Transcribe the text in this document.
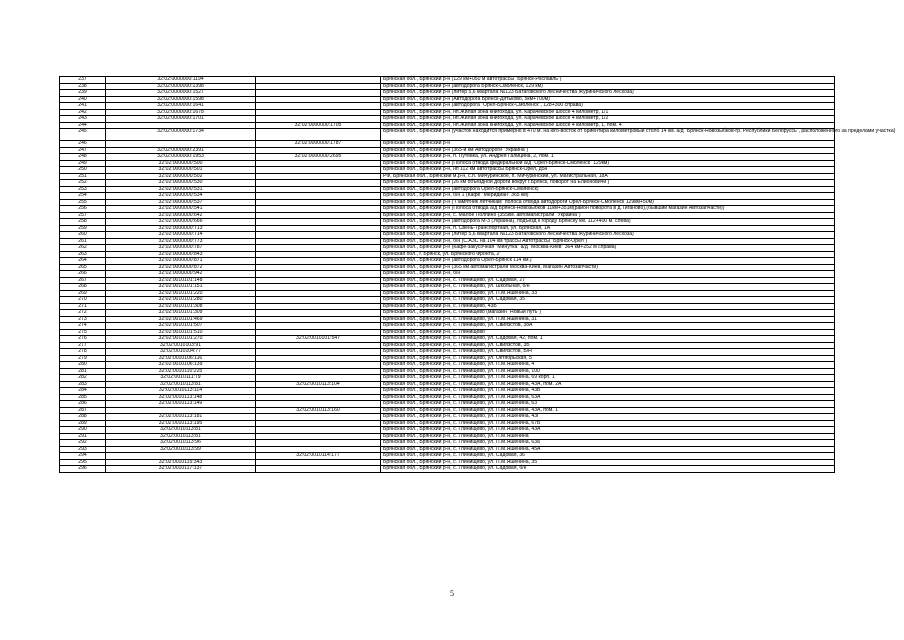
237	32:02:0000000:1194		Брянская обл., Брянский р-н (129 км+050 м автотрассы "Брянск-Рославль")
238	32:02:0000000:1398		Брянская обл., Брянский р-н (автодорога Брянск-Смоленск, 129 км)
239	32:02:0000000:1527		Брянская обл., Брянский р-н (литер 5,6 квартала №123 Батаговского лесничества Журиничского лесхоза)
240	32:02:0000000:1598		Брянская обл., Брянский р-н (Автодорога Брянск-Дятьково, 5км+700м)
241	32:02:0000000:1641		Брянская обл., Брянский р-н (автодорога "Орел-Брянск-Смоленск", 128+300 справа)
242	32:02:0000000:1678		Брянская обл., Брянский р-н, нп.Жилая зона книгохода, ул. Карачевское шоссе 4 километр, 1/1
243	32:02:0000000:1701		Брянская обл., Брянский р-н, нп.Жилая зона книгохода, ул. Карачевское шоссе 4 километр, 1/2
244		32:02:0000000:1705	Брянская обл., Брянский р-н, нп.Жилая зона книгохода, ул. Карачевское шоссе 4 километр, 1, пом. 4
245	32:02:0000000:1734		Брянская обл., Брянский р-н (участок находится примерно в 470 м. на юго-восток от ориентира километровый столб 14 км. а/д "Брянск-Новозыбков-гр. Республики Белоруссь", расположенного за пределами участка)
246		32:02:0000000:1787	Брянская обл., Брянский р-н
247	32:02:0000000:2391		Брянская обл., Брянский р-н (365-й км Автодороги "Украина")
248	32:02:0000000:1953	32:02:0000000:2695	Брянская обл., Брянский р-н, п. Путевка, ул. Андрея Галицина, 2, пом. 1
249	32:02:0000000:500		Брянская обл., Брянский р-н (Полоса отвода федеральной а/д "Орел-Брянск-Смоленск" 129км)
250	32:02:0000000:501		Брянская обл., Брянский р-н, нп 112 км автотрассы Брянск-Орел, д5н
251	32:02:0000000:502		РФ, Брянская обл., Брянский м.р-н, с.п. Мичуринское, п. Мичуринский, ул. Магистральная, 18А
252	32:02:0000000:530		Брянская обл., Брянский р-н (26 км объездной дороги вокруг г.Брянск, поворот на Елионовичи )
253	32:02:0000000:531		Брянская обл., Брянский р-н (автодорога Орел-Брянск-Смоленск)
254	32:02:0000000:534		Брянская обл., Брянский р-н, б/н 1 (Кафе "Меридиан" 365 км)
255	32:02:0000000:537		Брянская обл., Брянский р-н ("Памятник летчикам" полоса отвода автодороги Орел-Брянск-Смоленск 129км+50м)
256	32:02:0000000:541		Брянская обл., Брянский р-н (Полоса отвода а/д Брянск-Новозыбков 11км+351м(район поворота в д.Тиганово),(бывший магазин Автозапчасти))
257	32:02:0000000:642		Брянская обл., Брянский р-н, с. Малое Полпино (355км. автомагистрали "Украина")
258	32:02:0000000:666		Брянская обл., Брянский р-н (автодорога М-3 (Украина), подъезд к городу Брянску км. 112+400 м. слева)
259	32:02:0000000:713		Брянская обл., Брянский р-н, п. Свень-Транспортная, ул. Брянская, 1А
260	32:02:0000000:714		Брянская обл., Брянский р-н (литер 5,6 квартала №123 Батаговского лесничества Журиничского лесхоза)
261	32:02:0000000:773		Брянская обл., Брянский р-н, б/н (С.АЗС на 104 км трассы Автотрассы "Брянск-Орел")
262	32:02:0000000:787		Брянская обл., Брянский р-н (Кафе-закусочная "Минутка" а/д "Москва-Киев" 364 км+252 м справа)
263	32:02:0000000:843		Брянская обл., г. Брянск, ул. Брянского Фронта, 2"
264	32:02:0000000:871		Брянская обл., Брянский р-н (автодорога Орел-Брянск 114 км.)
265	32:02:0000000:872		Брянская обл., Брянский р-н (365 км автомагистрали Москва-Киев, Магазин Автозапчасти)
266	32:02:0000000:942		Брянская обл., Брянский р-н, б/н
267	32:02:0010101:148		Брянская обл., Брянский р-н, с. Глинищево, ул. Садовая, 27
268	32:02:0010101:151		Брянская обл., Брянский р-н, с. Глинищево, ул. Школьная, б/н
269	32:02:0010101:220		Брянская обл., Брянский р-н, с. Глинищево, ул. П.М.Яшенина, 33
270	32:02:0010101:280		Брянская обл., Брянский р-н, с. Глинищево, ул. Садовая, 35
271	32:02:0010101:308		Брянская обл., Брянский р-н, с. Глинищево, 43Б
272	32:02:0010101:309		Брянская обл., Брянский р-н, с. Глинищево (магазин "Новый путь")
273	32:02:0010101:469		Брянская обл., Брянский р-н, с. Глинищево, ул. П.М.Яшенина, 31
274	32:02:0010101:507		Брянская обл., Брянский р-н, с. Глинищево, ул. Свиязстов, 38А
275	32:02:0010101:510		Брянская обл., Брянский р-н, с. Глинищево
276	32:02:0010101:270	32:02:0010101:547	Брянская обл., Брянский р-н, с. Глинищево, ул. Садовая, 42, пом. 1
277	32:02:0010103:91		Брянская обл., Брянский р-н, с. Глинищево, ул. Свиязстов, 3Б
278	32:02:0010104:77		Брянская обл., Брянский р-н, с. Глинищево, ул. Свиязстов, Б/Н
279	32:02:0010106:116		Брянская обл., Брянский р-н, с. Глинищево, ул. Октябрьская, 5
280	32:02:0010106:139		Брянская обл., Брянский р-н, с. Глинищево, ул. П.М.Яшенина, 4
281	32:02:0010110:225		Брянская обл., Брянский р-н, с. Глинищево, ул. П.М.Яшенина, 100
282	32:02:0010111:79		Брянская обл., Брянский р-н, с. Глинищево, ул. П.М.Яшенина, 69 корп. 1
283	32:02:0010113:81	32:02:0010113:104	Брянская обл., Брянский р-н, с. Глинищево, ул. П.М.Яшенина, 43А, пом. 2А
284	32:02:0010113:114		Брянская обл., Брянский р-н, с. Глинищево, ул. П.М.Яшенина, 43Б
285	32:02:0010113:148		Брянская обл., Брянский р-н, с. Глинищево, ул. П.М.Яшенина, 63А
286	32:02:0010113:149		Брянская обл., Брянский р-н, с. Глинищево, ул. П.М.Яшенина, 63
287		32:02:0010113:160	Брянская обл., Брянский р-н, с. Глинищево, ул. П.М.Яшенина, 43А, пом. 1
288	32:02:0010113:181		Брянская обл., Брянский р-н, с. Глинищево, ул. П.М.Яшенина, 43Г
289	32:02:0010113:195		Брянская обл., Брянский р-н, с. Глинищево, ул. П.М.Яшенина, 67Б
290	32:02:0010113:81		Брянская обл., Брянский р-н, с. Глинищево, ул. П.М.Яшенина, 43А
291	32:02:0010113:81		Брянская обл., Брянский р-н, с. Глинищево, ул. П.М.Яшенина
292	32:02:0010113:96		Брянская обл., Брянский р-н, с. Глинищево, ул. П.М.Яшенина, 63а
293	32:02:0010113:99		Брянская обл., Брянский р-н, с. Глинищево, ул. П.М.Яшенина, 45А
294		32:02:0010114:177	Брянская обл., Брянский р-н, с. Глинищево, ул. Садовая, 36
295	32:02:0010115:343		Брянская обл., Брянский р-н, с. Глинищево, ул. П.М.Яшенина, 35
296	32:02:0010117:137		Брянская обл., Брянский р-н, с. Глинищево, ул. Садовая, б/н
5
